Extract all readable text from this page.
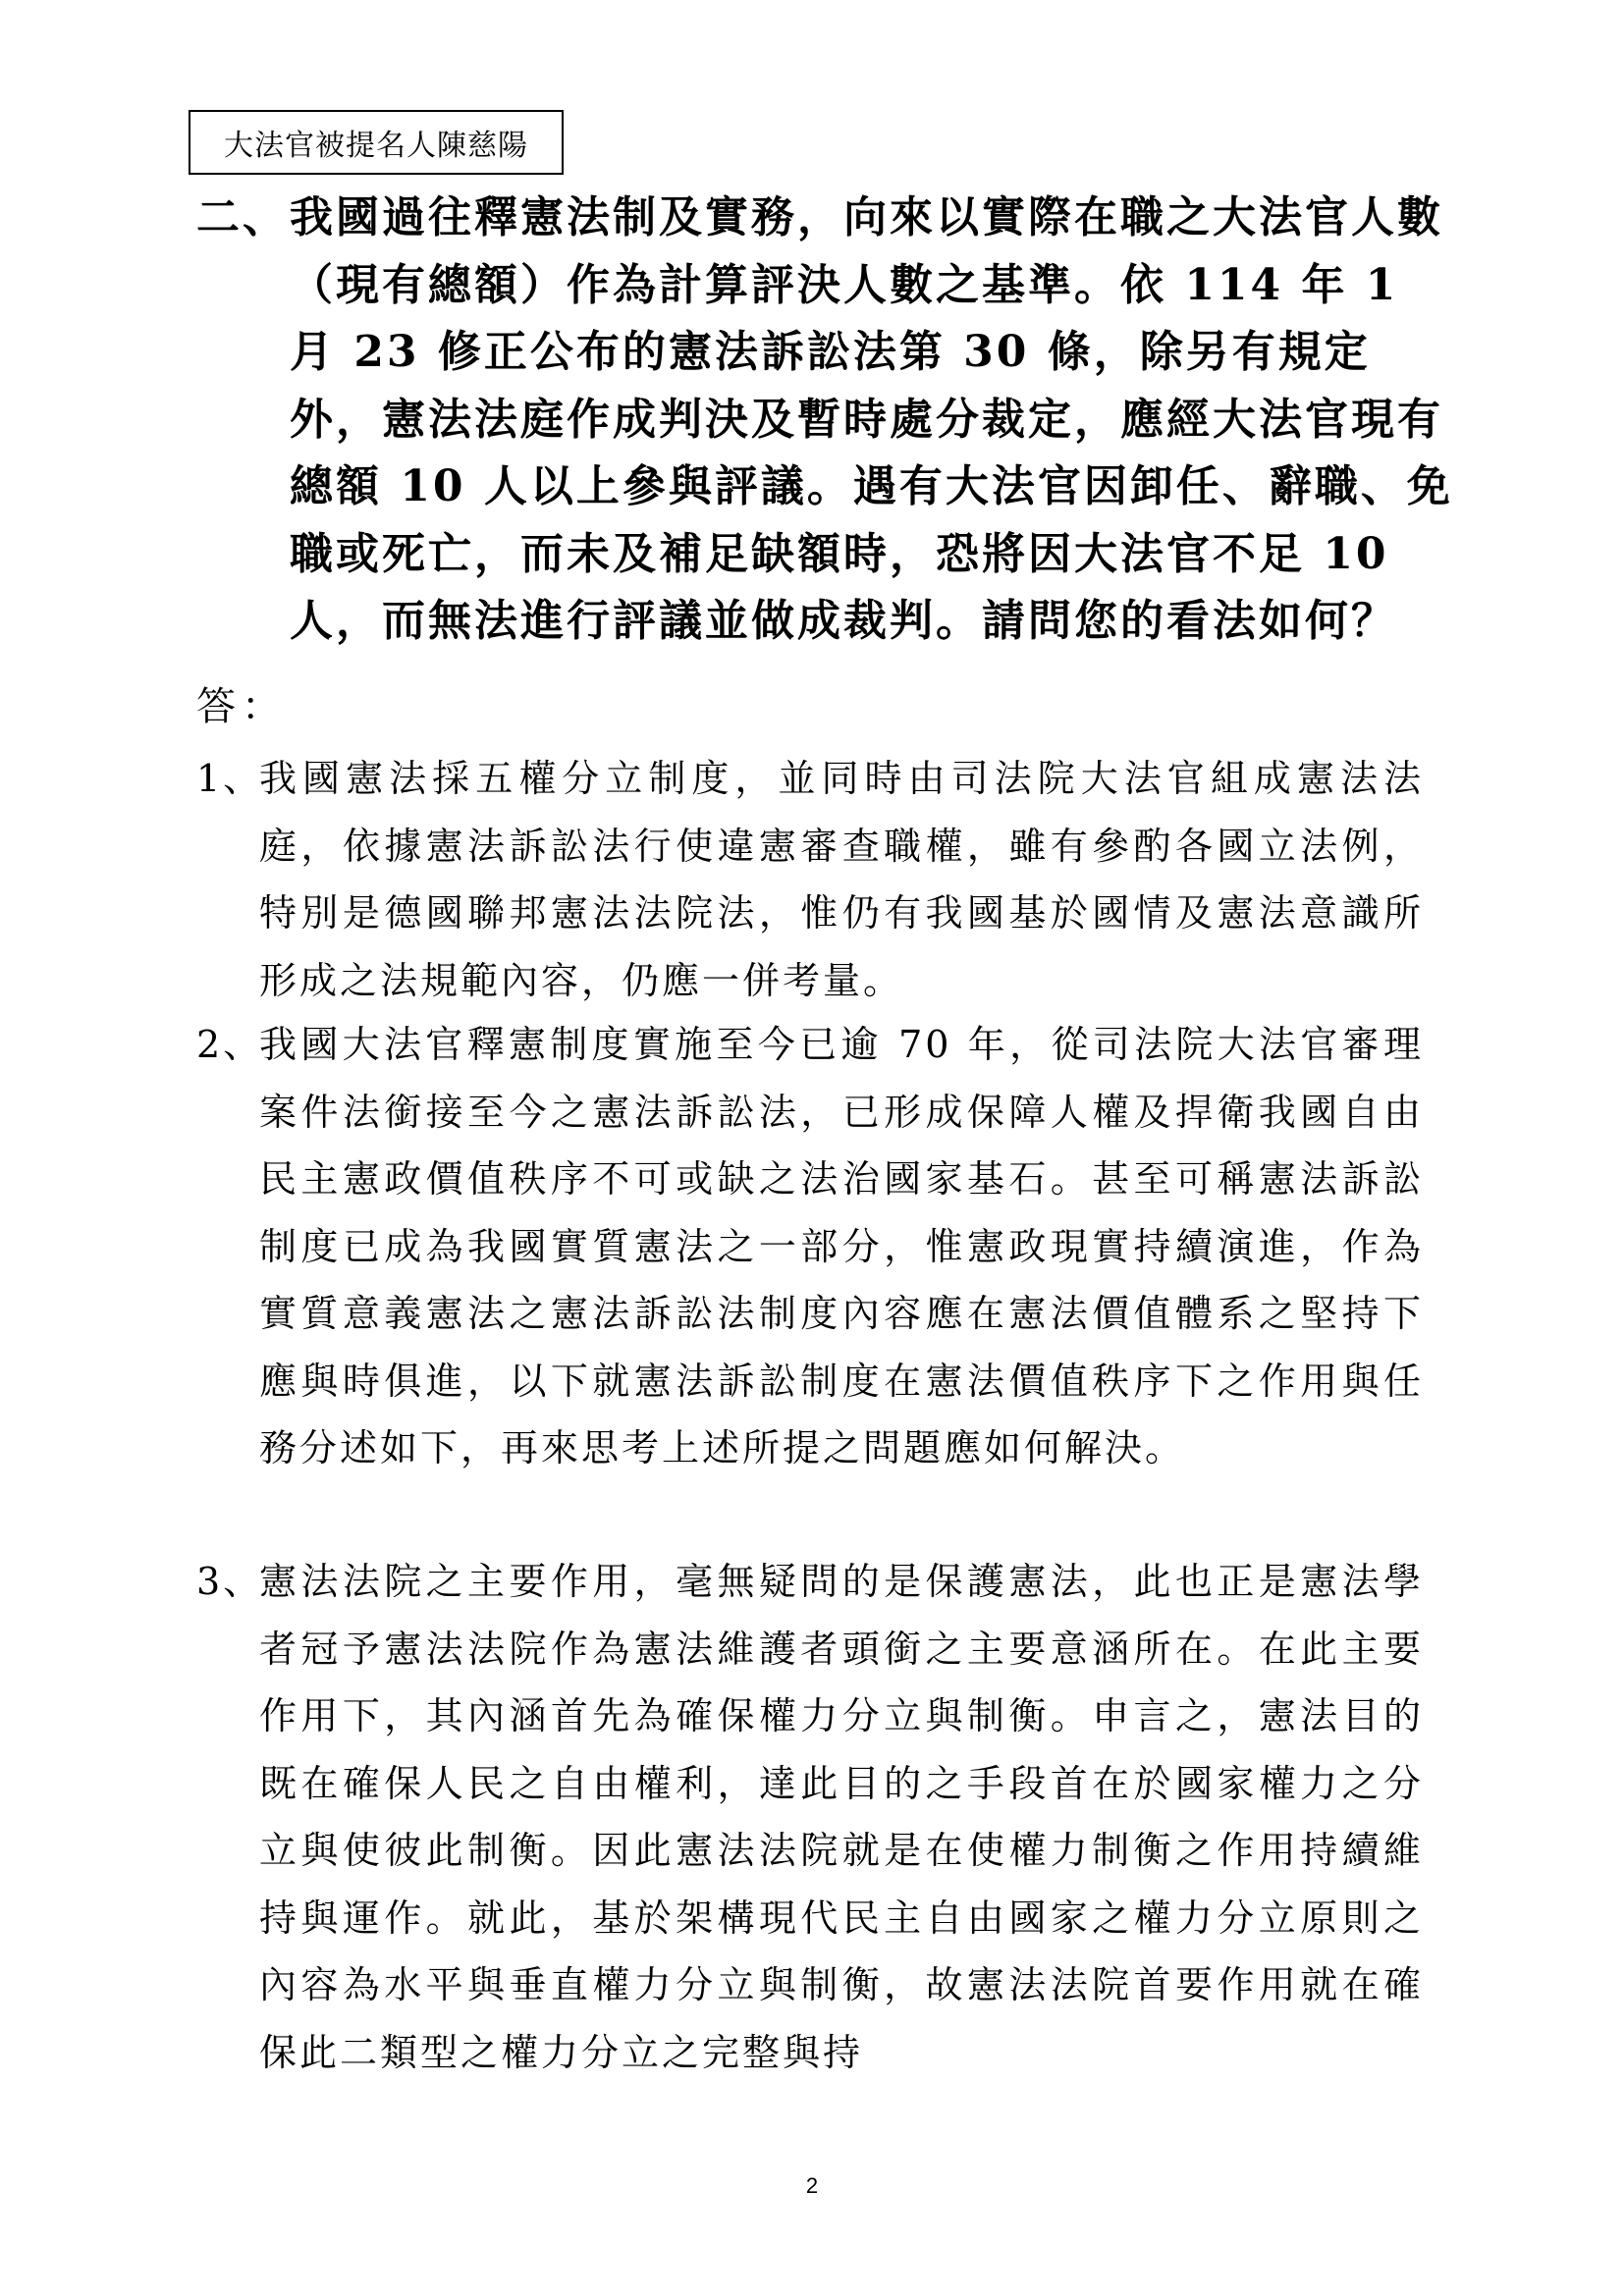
大法官被提名人陳慈陽
二、 我國過往釋憲法制及實務，向來以實際在職之大法官人數（現有總額）作為計算評決人數之基準。依 114 年 1 月 23 修正公布的憲法訴訟法第 30 條，除另有規定外，憲法法庭作成判決及暫時處分裁定，應經大法官現有總額 10 人以上參與評議。遇有大法官因卸任、辭職、免職或死亡，而未及補足缺額時，恐將因大法官不足 10 人，而無法進行評議並做成裁判。請問您的看法如何？
答：
1、
我國憲法採五權分立制度，並同時由司法院大法官組成憲法法庭，依據憲法訴訟法行使違憲審查職權，雖有參酌各國立法例，特別是德國聯邦憲法法院法，惟仍有我國基於國情及憲法意識所形成之法規範內容，仍應一併考量。
2、
我國大法官釋憲制度實施至今已逾 70 年，從司法院大法官審理案件法銜接至今之憲法訴訟法，已形成保障人權及捍衛我國自由民主憲政價值秩序不可或缺之法治國家基石。甚至可稱憲法訴訟制度已成為我國實質憲法之一部分，惟憲政現實持續演進，作為實質意義憲法之憲法訴訟法制度內容應在憲法價值體系之堅持下應與時俱進，以下就憲法訴訟制度在憲法價值秩序下之作用與任務分述如下，再來思考上述所提之問題應如何解決。
3、
憲法法院之主要作用，毫無疑問的是保護憲法，此也正是憲法學者冠予憲法法院作為憲法維護者頭銜之主要意涵所在。在此主要作用下，其內涵首先為確保權力分立與制衡。申言之，憲法目的既在確保人民之自由權利，達此目的之手段首在於國家權力之分立與使彼此制衡。因此憲法法院就是在使權力制衡之作用持續維持與運作。就此，基於架構現代民主自由國家之權力分立原則之內容為水平與垂直權力分立與制衡，故憲法法院首要作用就在確保此二類型之權力分立之完整與持
2
